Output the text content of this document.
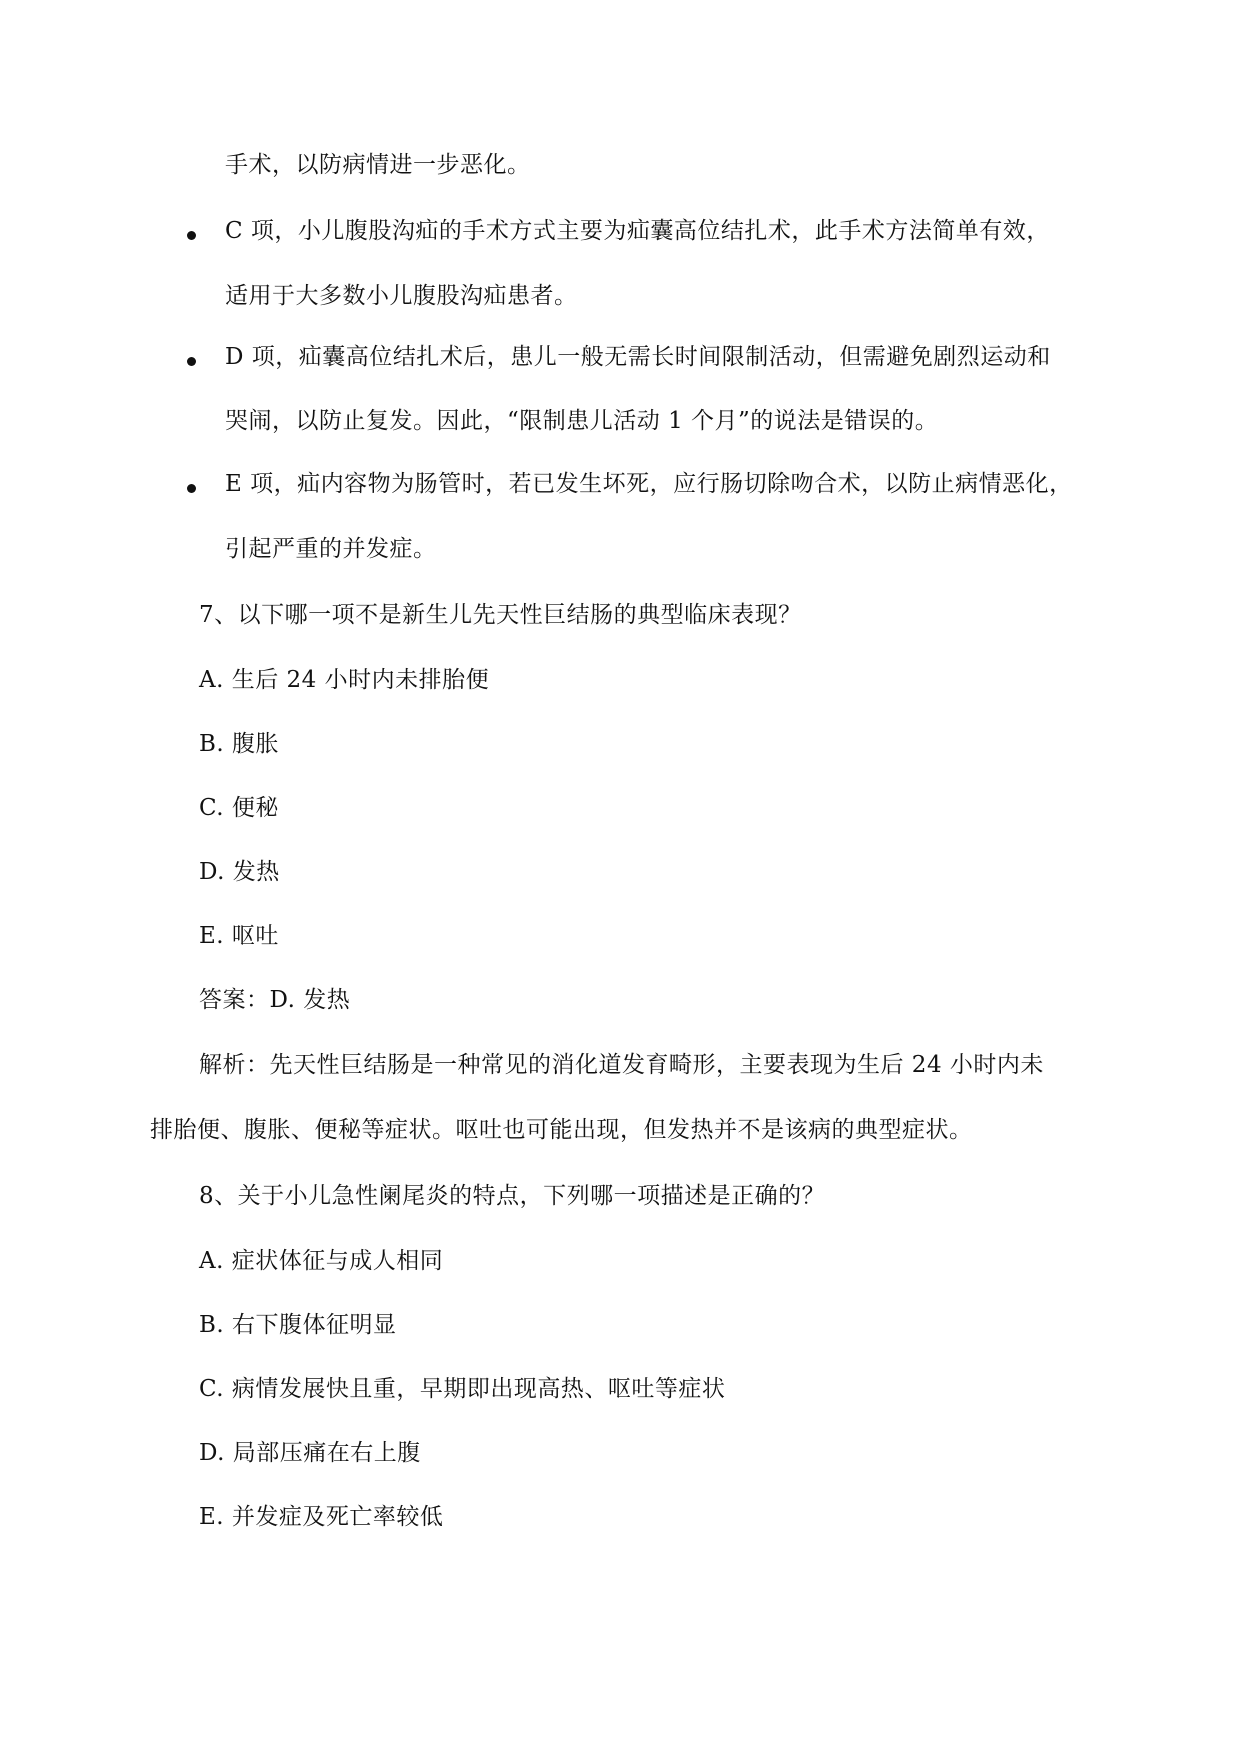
手术，以防病情进一步恶化。
C 项，小儿腹股沟疝的手术方式主要为疝囊高位结扎术，此手术方法简单有效，
适用于大多数小儿腹股沟疝患者。
D 项，疝囊高位结扎术后，患儿一般无需长时间限制活动，但需避免剧烈运动和
哭闹，以防止复发。因此，“限制患儿活动 1 个月”的说法是错误的。
E 项，疝内容物为肠管时，若已发生坏死，应行肠切除吻合术，以防止病情恶化，
引起严重的并发症。
7、以下哪一项不是新生儿先天性巨结肠的典型临床表现？
A. 生后 24 小时内未排胎便
B. 腹胀
C. 便秘
D. 发热
E. 呕吐
答案：D. 发热
解析：先天性巨结肠是一种常见的消化道发育畸形，主要表现为生后 24 小时内未
排胎便、腹胀、便秘等症状。呕吐也可能出现，但发热并不是该病的典型症状。
8、关于小儿急性阑尾炎的特点，下列哪一项描述是正确的？
A. 症状体征与成人相同
B. 右下腹体征明显
C. 病情发展快且重，早期即出现高热、呕吐等症状
D. 局部压痛在右上腹
E. 并发症及死亡率较低
